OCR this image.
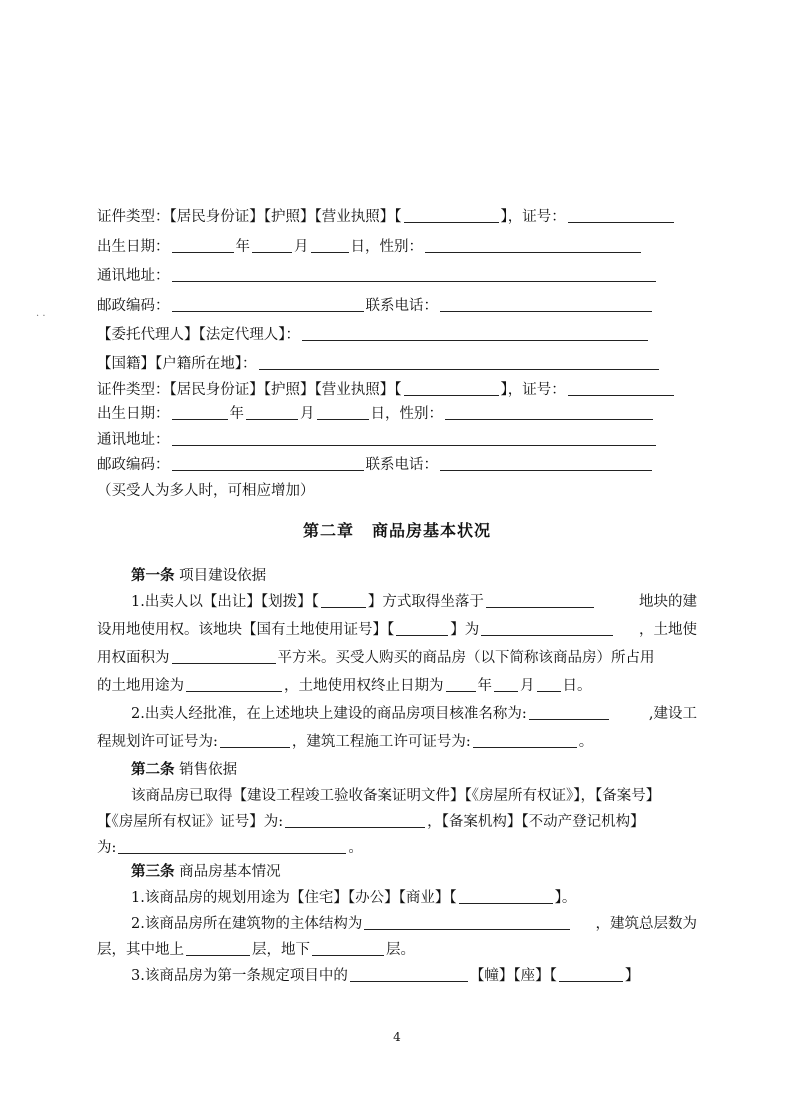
证件类型：【居民身份证】【护照】【营业执照】【	】，证号：
出生日期：	年	月	日，性别：
通讯地址：
邮政编码：	联系电话：
【委托代理人】【法定代理人】：
【国籍】【户籍所在地】：
证件类型：【居民身份证】【护照】【营业执照】【	】，证号：
出生日期：	年	月	日，性别：
通讯地址：
邮政编码：	联系电话：
（买受人为多人时，可相应增加）
第二章 商品房基本状况
第一条 项目建设依据
1.出卖人以【出让】【划拨】【	】方式取得坐落于	地块的建
设用地使用权。该地块【国有土地使用证号】【	】为	，土地使
用权面积为	平方米。买受人购买的商品房（以下简称该商品房）所占用
的土地用途为	，土地使用权终止日期为 年 月 日。
2.出卖人经批准，在上述地块上建设的商品房项目核准名称为:	,建设工
程规划许可证号为:	，建筑工程施工许可证号为:	。
第二条 销售依据
该商品房已取得【建设工程竣工验收备案证明文件】【《房屋所有权证》】，【备案号】
【《房屋所有权证》证号】为:	，【备案机构】【不动产登记机构】
为:	。
第三条 商品房基本情况
1.该商品房的规划用途为【住宅】【办公】【商业】【	】。
2.该商品房所在建筑物的主体结构为	，建筑总层数为
层，其中地上	层，地下	层。
3.该商品房为第一条规定项目中的	【幢】【座】【	】
· ·
4
